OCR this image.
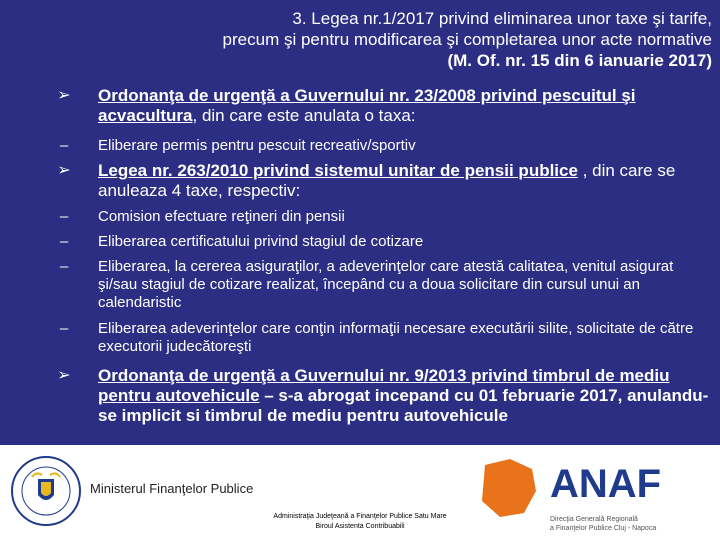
3. Legea nr.1/2017 privind eliminarea unor taxe şi tarife,
precum şi pentru modificarea şi completarea unor acte normative
(M. Of. nr. 15 din 6 ianuarie 2017)
➢ Ordonanţa de urgenţă a Guvernului nr. 23/2008 privind pescuitul şi acvacultura, din care este anulata o taxa:
–	Eliberare permis pentru pescuit recreativ/sportiv
➢ Legea nr. 263/2010 privind sistemul unitar de pensii publice , din care se anuleaza 4 taxe, respectiv:
–	Comision efectuare reţineri din pensii
–	Eliberarea certificatului privind stagiul de cotizare
–	Eliberarea, la cererea asiguraţilor, a adeverinţelor care atestă calitatea, venitul asigurat şi/sau stagiul de cotizare realizat, începând cu a doua solicitare din cursul unui an calendaristic
–	Eliberarea adeverinţelor care conţin informaţii necesare executării silite, solicitate de către executorii judecătoreşti
➢ Ordonanţa de urgenţă a Guvernului nr. 9/2013 privind timbrul de mediu pentru autovehicule – s-a abrogat incepand cu 01 februarie 2017, anulandu-se implicit si timbrul de mediu pentru autovehicule
Ministerul Finanţelor Publice	ANAF
Direcţia Generală Regională
a Finanţelor Publice Cluj - Napoca
Administraţia Judeţeană a Finanţelor Publice Satu Mare
Biroul Asistenta Contribuabili
